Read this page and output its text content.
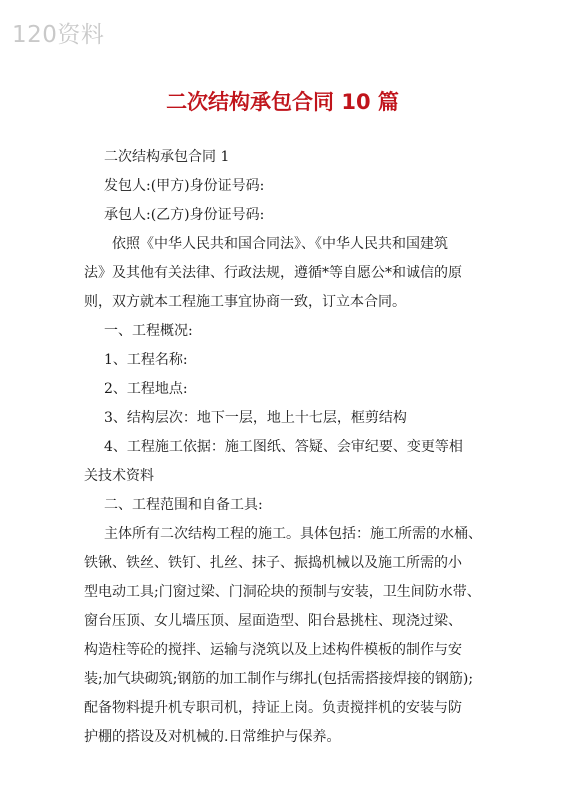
120资料
二次结构承包合同 10 篇

二次结构承包合同 1

发包人:(甲方)身份证号码:

承包人:(乙方)身份证号码:

依照《中华人民共和国合同法》、《中华人民共和国建筑
法》及其他有关法律、行政法规，遵循*等自愿公*和诚信的原
则，双方就本工程施工事宜协商一致，订立本合同。

一、工程概况:

1、工程名称:

2、工程地点:

3、结构层次：地下一层，地上十七层，框剪结构

4、工程施工依据：施工图纸、答疑、会审纪要、变更等相
关技术资料

二、工程范围和自备工具:

主体所有二次结构工程的施工。具体包括：施工所需的水桶、
铁锹、铁丝、铁钉、扎丝、抹子、振捣机械以及施工所需的小
型电动工具;门窗过梁、门洞砼块的预制与安装，卫生间防水带、
窗台压顶、女儿墙压顶、屋面造型、阳台悬挑柱、现浇过梁、
构造柱等砼的搅拌、运输与浇筑以及上述构件模板的制作与安
装;加气块砌筑;钢筋的加工制作与绑扎(包括需搭接焊接的钢筋);
配备物料提升机专职司机，持证上岗。负责搅拌机的安装与防
护棚的搭设及对机械的.日常维护与保养。
